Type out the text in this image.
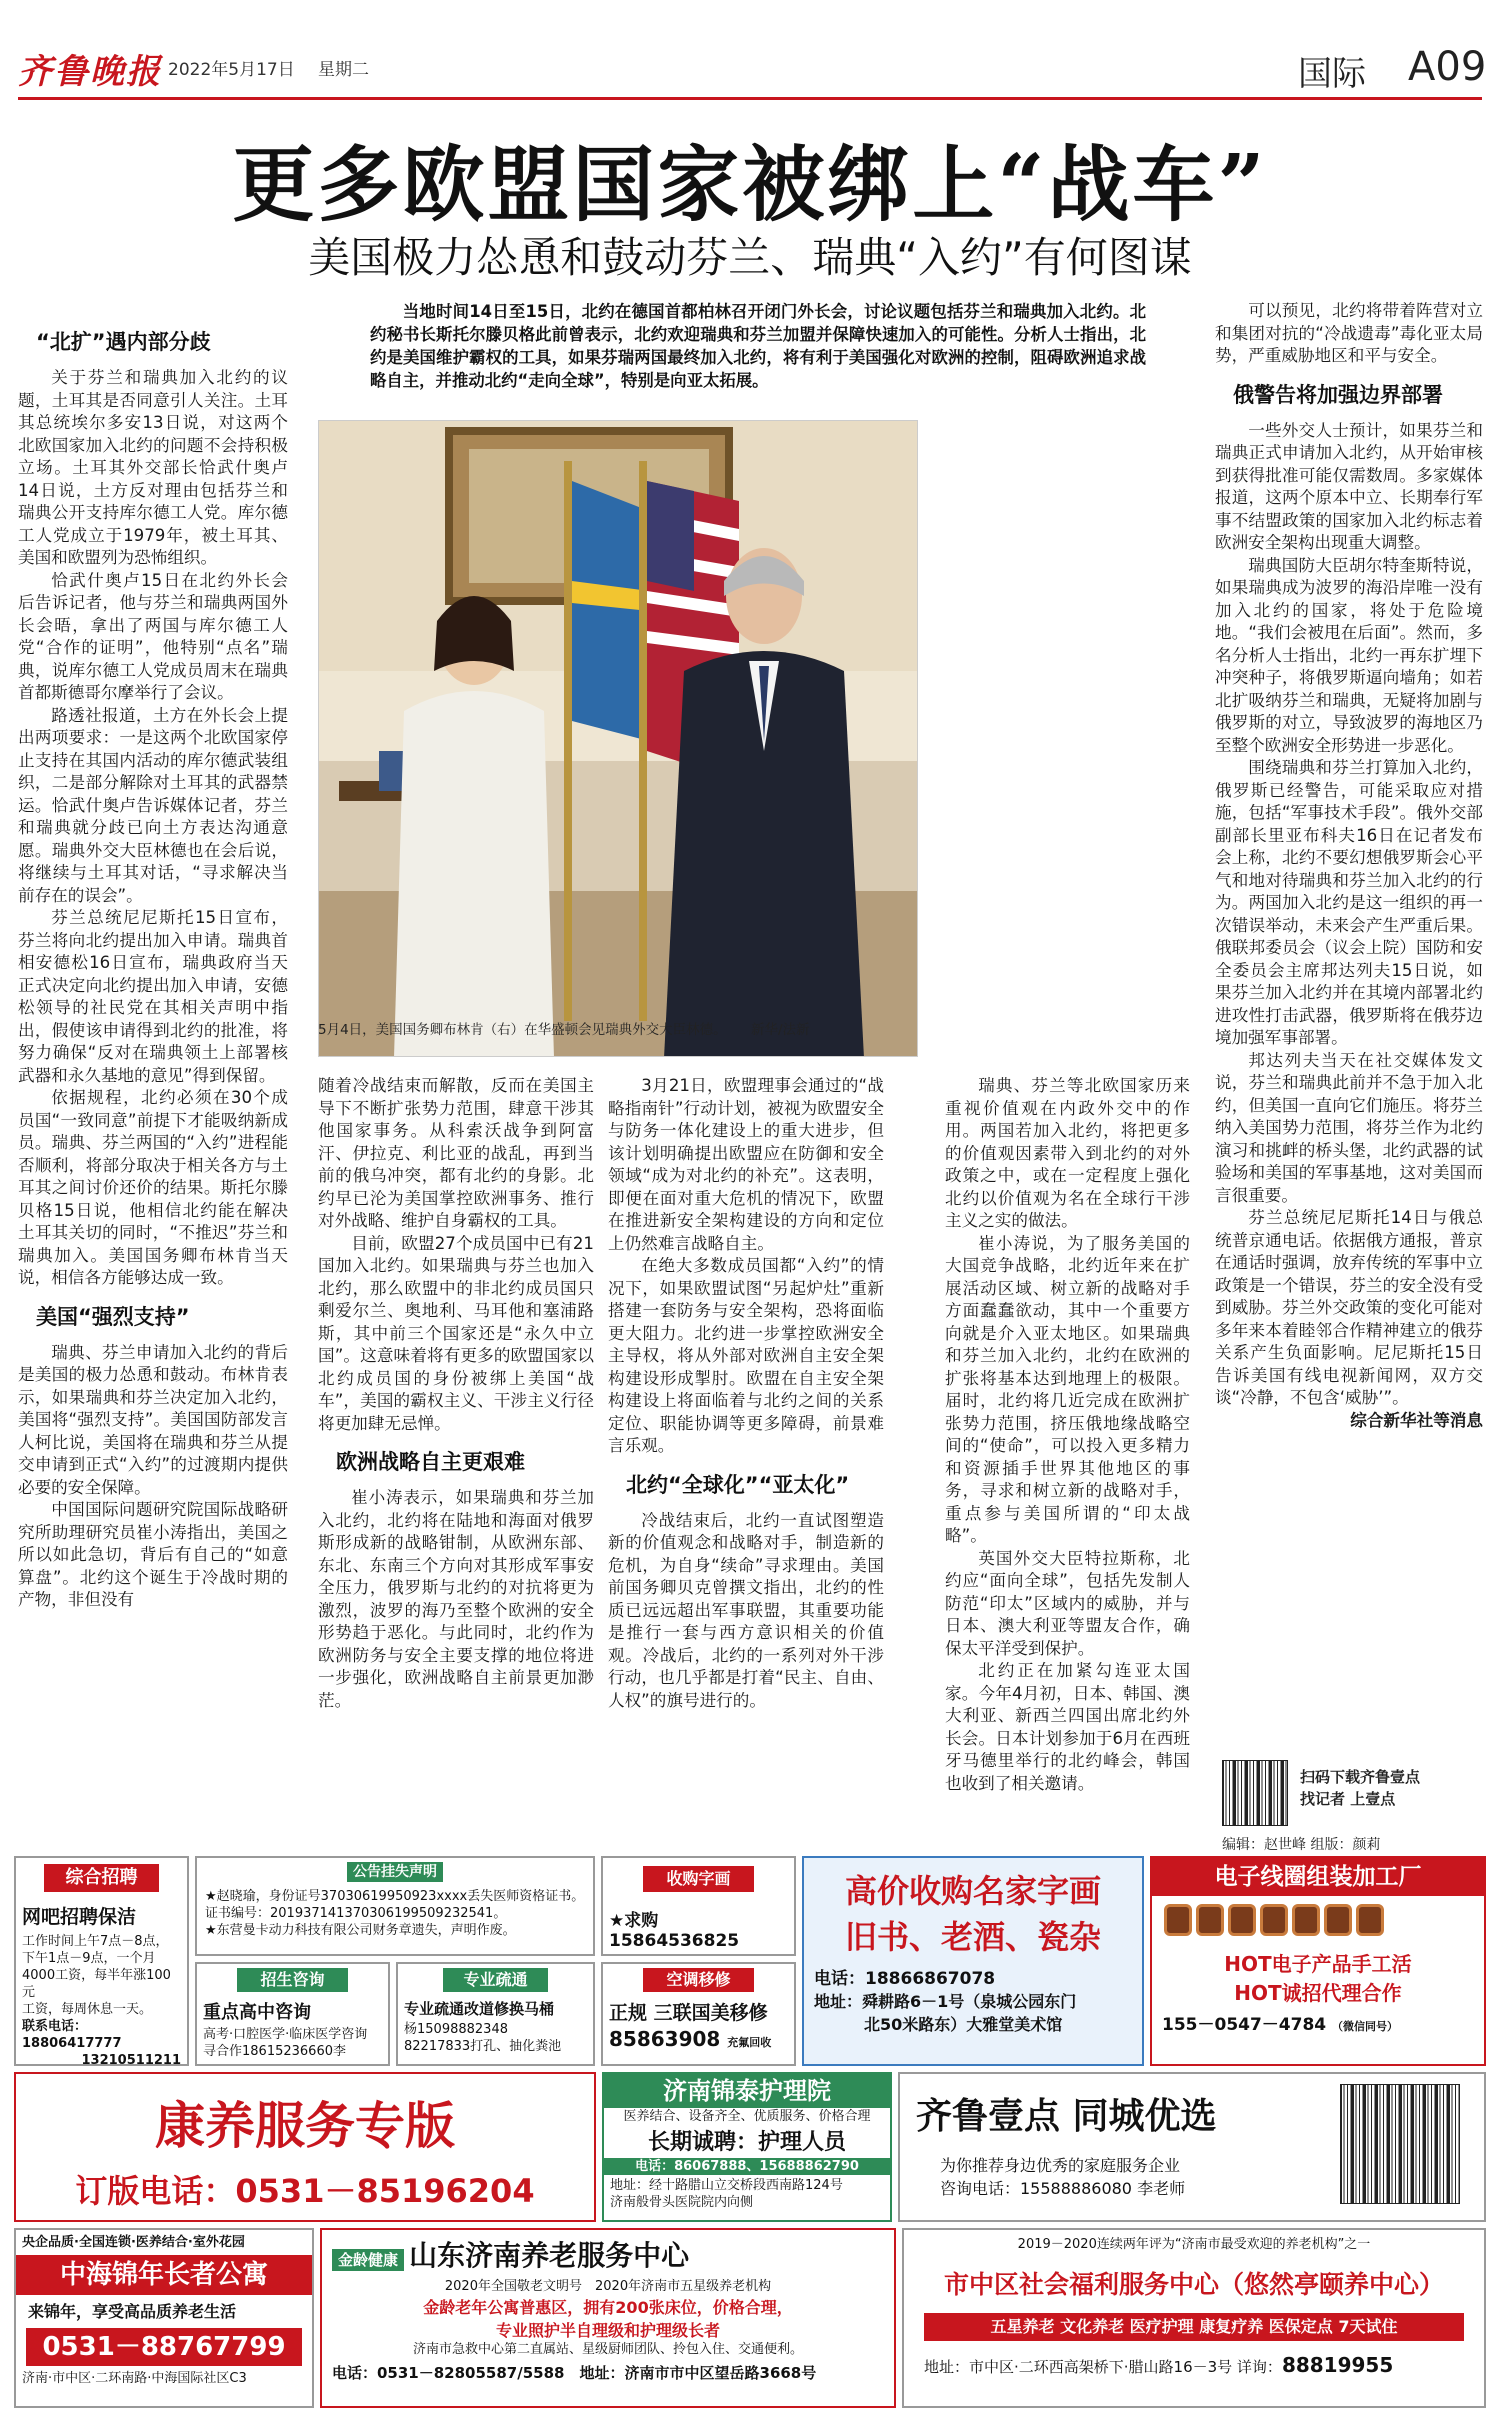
齐鲁晚报 2022年5月17日 星期二	国际 A09
更多欧盟国家被绑上“战车”
美国极力怂恿和鼓动芬兰、瑞典“入约”有何图谋

当地时间14日至15日，北约在德国首都柏林召开闭门外长会，讨论议题包括芬兰和瑞典加入北约。北约秘书长斯托尔滕贝格此前曾表示，北约欢迎瑞典和芬兰加盟并保障快速加入的可能性。分析人士指出，北约是美国维护霸权的工具，如果芬瑞两国最终加入北约，将有利于美国强化对欧洲的控制，阻碍欧洲追求战略自主，并推动北约“走向全球”，特别是向亚太拓展。

“北扩”遇内部分歧

关于芬兰和瑞典加入北约的议题，土耳其是否同意引人关注。土耳其总统埃尔多安13日说，对这两个北欧国家加入北约的问题不会持积极立场。土耳其外交部长恰武什奥卢14日说，土方反对理由包括芬兰和瑞典公开支持库尔德工人党。库尔德工人党成立于1979年，被土耳其、美国和欧盟列为恐怖组织。

恰武什奥卢15日在北约外长会后告诉记者，他与芬兰和瑞典两国外长会晤，拿出了两国与库尔德工人党“合作的证明”，他特别“点名”瑞典，说库尔德工人党成员周末在瑞典首都斯德哥尔摩举行了会议。

路透社报道，土方在外长会上提出两项要求：一是这两个北欧国家停止支持在其国内活动的库尔德武装组织，二是部分解除对土耳其的武器禁运。恰武什奥卢告诉媒体记者，芬兰和瑞典就分歧已向土方表达沟通意愿。瑞典外交大臣林德也在会后说，将继续与土耳其对话，“寻求解决当前存在的误会”。

芬兰总统尼尼斯托15日宣布，芬兰将向北约提出加入申请。瑞典首相安德松16日宣布，瑞典政府当天正式决定向北约提出加入申请，安德松领导的社民党在其相关声明中指出，假使该申请得到北约的批准，将努力确保“反对在瑞典领土上部署核武器和永久基地的意见”得到保留。

依据规程，北约必须在30个成员国“一致同意”前提下才能吸纳新成员。瑞典、芬兰两国的“入约”进程能否顺利，将部分取决于相关各方与土耳其之间讨价还价的结果。斯托尔滕贝格15日说，他相信北约能在解决土耳其关切的同时，“不推迟”芬兰和瑞典加入。美国国务卿布林肯当天说，相信各方能够达成一致。

美国“强烈支持”

瑞典、芬兰申请加入北约的背后是美国的极力怂恿和鼓动。布林肯表示，如果瑞典和芬兰决定加入北约，美国将“强烈支持”。美国国防部发言人柯比说，美国将在瑞典和芬兰从提交申请到正式“入约”的过渡期内提供必要的安全保障。

中国国际问题研究院国际战略研究所助理研究员崔小涛指出，美国之所以如此急切，背后有自己的“如意算盘”。北约这个诞生于冷战时期的产物，非但没有

5月4日，美国国务卿布林肯（右）在华盛顿会见瑞典外交大臣林德。 新华/法新

随着冷战结束而解散，反而在美国主导下不断扩张势力范围，肆意干涉其他国家事务。从科索沃战争到阿富汗、伊拉克、利比亚的战乱，再到当前的俄乌冲突，都有北约的身影。北约早已沦为美国掌控欧洲事务、推行对外战略、维护自身霸权的工具。

目前，欧盟27个成员国中已有21国加入北约。如果瑞典与芬兰也加入北约，那么欧盟中的非北约成员国只剩爱尔兰、奥地利、马耳他和塞浦路斯，其中前三个国家还是“永久中立国”。这意味着将有更多的欧盟国家以北约成员国的身份被绑上美国“战车”，美国的霸权主义、干涉主义行径将更加肆无忌惮。

欧洲战略自主更艰难

崔小涛表示，如果瑞典和芬兰加入北约，北约将在陆地和海面对俄罗斯形成新的战略钳制，从欧洲东部、东北、东南三个方向对其形成军事安全压力，俄罗斯与北约的对抗将更为激烈，波罗的海乃至整个欧洲的安全形势趋于恶化。与此同时，北约作为欧洲防务与安全主要支撑的地位将进一步强化，欧洲战略自主前景更加渺茫。

3月21日，欧盟理事会通过的“战略指南针”行动计划，被视为欧盟安全与防务一体化建设上的重大进步，但该计划明确提出欧盟应在防御和安全领域“成为对北约的补充”。这表明，即便在面对重大危机的情况下，欧盟在推进新安全架构建设的方向和定位上仍然难言战略自主。

在绝大多数成员国都“入约”的情况下，如果欧盟试图“另起炉灶”重新搭建一套防务与安全架构，恐将面临更大阻力。北约进一步掌控欧洲安全主导权，将从外部对欧洲自主安全架构建设形成掣肘。欧盟在自主安全架构建设上将面临着与北约之间的关系定位、职能协调等更多障碍，前景难言乐观。

北约“全球化”“亚太化”

冷战结束后，北约一直试图塑造新的价值观念和战略对手，制造新的危机，为自身“续命”寻求理由。美国前国务卿贝克曾撰文指出，北约的性质已远远超出军事联盟，其重要功能是推行一套与西方意识相关的价值观。冷战后，北约的一系列对外干涉行动，也几乎都是打着“民主、自由、人权”的旗号进行的。

瑞典、芬兰等北欧国家历来重视价值观在内政外交中的作用。两国若加入北约，将把更多的价值观因素带入到北约的对外政策之中，或在一定程度上强化北约以价值观为名在全球行干涉主义之实的做法。

崔小涛说，为了服务美国的大国竞争战略，北约近年来在扩展活动区域、树立新的战略对手方面蠢蠢欲动，其中一个重要方向就是介入亚太地区。如果瑞典和芬兰加入北约，北约在欧洲的扩张将基本达到地理上的极限。届时，北约将几近完成在欧洲扩张势力范围，挤压俄地缘战略空间的“使命”，可以投入更多精力和资源插手世界其他地区的事务，寻求和树立新的战略对手，重点参与美国所谓的“印太战略”。

英国外交大臣特拉斯称，北约应“面向全球”，包括先发制人防范“印太”区域内的威胁，并与日本、澳大利亚等盟友合作，确保太平洋受到保护。

北约正在加紧勾连亚太国家。今年4月初，日本、韩国、澳大利亚、新西兰四国出席北约外长会。日本计划参加于6月在西班牙马德里举行的北约峰会，韩国也收到了相关邀请。

可以预见，北约将带着阵营对立和集团对抗的“冷战遗毒”毒化亚太局势，严重威胁地区和平与安全。

俄警告将加强边界部署

一些外交人士预计，如果芬兰和瑞典正式申请加入北约，从开始审核到获得批准可能仅需数周。多家媒体报道，这两个原本中立、长期奉行军事不结盟政策的国家加入北约标志着欧洲安全架构出现重大调整。

瑞典国防大臣胡尔特奎斯特说，如果瑞典成为波罗的海沿岸唯一没有加入北约的国家，将处于危险境地。“我们会被甩在后面”。然而，多名分析人士指出，北约一再东扩埋下冲突种子，将俄罗斯逼向墙角；如若北扩吸纳芬兰和瑞典，无疑将加剧与俄罗斯的对立，导致波罗的海地区乃至整个欧洲安全形势进一步恶化。

围绕瑞典和芬兰打算加入北约，俄罗斯已经警告，可能采取应对措施，包括“军事技术手段”。俄外交部副部长里亚布科夫16日在记者发布会上称，北约不要幻想俄罗斯会心平气和地对待瑞典和芬兰加入北约的行为。两国加入北约是这一组织的再一次错误举动，未来会产生严重后果。俄联邦委员会（议会上院）国防和安全委员会主席邦达列夫15日说，如果芬兰加入北约并在其境内部署北约进攻性打击武器，俄罗斯将在俄芬边境加强军事部署。

邦达列夫当天在社交媒体发文说，芬兰和瑞典此前并不急于加入北约，但美国一直向它们施压。将芬兰纳入美国势力范围，将芬兰作为北约演习和挑衅的桥头堡，北约武器的试验场和美国的军事基地，这对美国而言很重要。

芬兰总统尼尼斯托14日与俄总统普京通电话。依据俄方通报，普京在通话时强调，放弃传统的军事中立政策是一个错误，芬兰的安全没有受到威胁。芬兰外交政策的变化可能对多年来本着睦邻合作精神建立的俄芬关系产生负面影响。尼尼斯托15日告诉美国有线电视新闻网，双方交谈“冷静，不包含‘威胁’”。

综合新华社等消息

扫码下载齐鲁壹点
找记者 上壹点
编辑：赵世峰 组版：颜莉
综合招聘
网吧招聘保洁
工作时间上午7点－8点，
下午1点－9点，一个月
4000工资，每半年涨100元
工资，每周休息一天。
联系电话：18806417777
13210511211
公告挂失声明
★赵晓瑜，身份证号37030619950923xxxx丢失医师资格证书。证书编号：201937141370306199509232541。
★东营曼卡动力科技有限公司财务章遗失，声明作废。
招生咨询
重点高中咨询
高考·口腔医学·临床医学咨询
寻合作18615236660李
专业疏通
专业疏通改道修换马桶
杨15098882348
82217833打孔、抽化粪池
收购字画
★求购15864536825
空调移修
正规 三联国美移修
85863908 充氟回收
高价收购名家字画
旧书、老酒、瓷杂
电话：18866867078
地址：舜耕路6－1号（泉城公园东门
北50米路东）大雅堂美术馆
电子线圈组装加工厂
HOT电子产品手工活
HOT诚招代理合作
155－0547－4784 （微信同号）
康养服务专版
订版电话：0531－85196204
济南锦泰护理院
医养结合、设备齐全、优质服务、价格合理
长期诚聘：护理人员
电话：86067888、15688862790
地址：经十路腊山立交桥段西南路124号
济南般骨头医院院内向侧
齐鲁壹点 同城优选
为你推荐身边优秀的家庭服务企业
咨询电话：15588886080 李老师
央企品质·全国连锁·医养结合·室外花园
中海锦年长者公寓
来锦年，享受高品质养老生活
0531－88767799
济南·市中区·二环南路·中海国际社区C3
金龄健康 山东济南养老服务中心
2020年全国敬老文明号　 2020年济南市五星级养老机构
金龄老年公寓普惠区，拥有200张床位，价格合理，
专业照护半自理级和护理级长者
济南市急救中心第二直属站、星级厨师团队、拎包入住、交通便利。
电话：0531－82805587/5588　 地址：济南市市中区望岳路3668号
2019－2020连续两年评为“济南市最受欢迎的养老机构”之一
市中区社会福利服务中心（悠然亭颐养中心）
五星养老 文化养老 医疗护理 康复疗养 医保定点 7天试住
地址：市中区·二环西高架桥下·腊山路16－3号 详询：88819955
